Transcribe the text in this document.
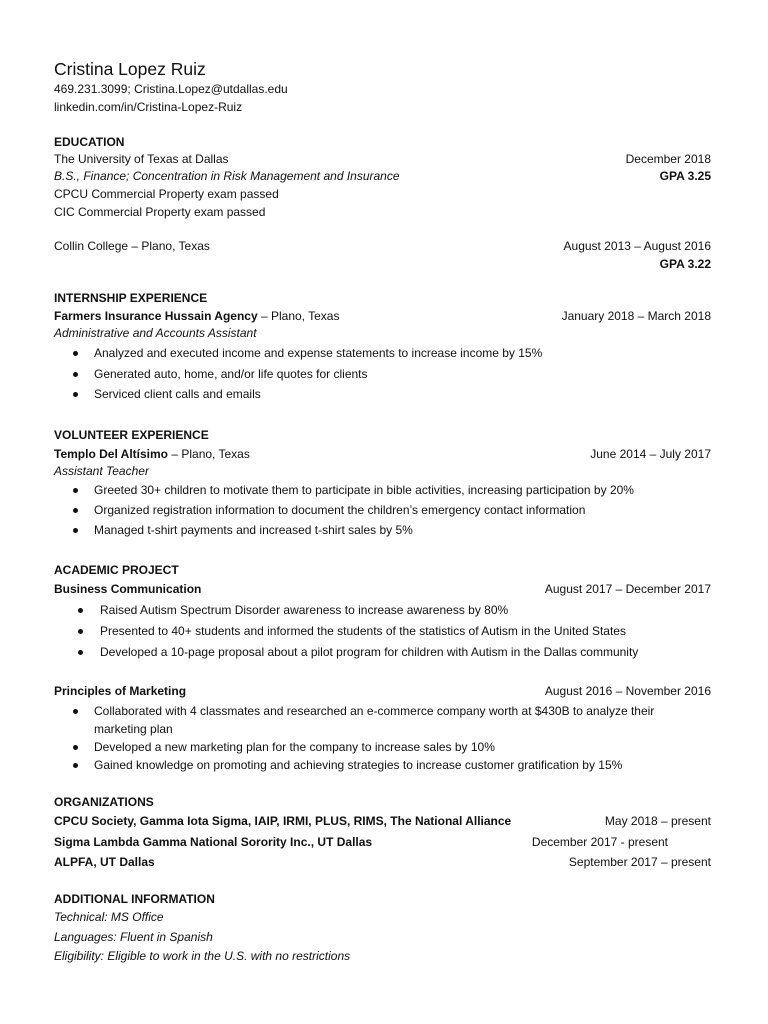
Cristina Lopez Ruiz
469.231.3099; Cristina.Lopez@utdallas.edu
linkedin.com/in/Cristina-Lopez-Ruiz
EDUCATION
The University of Texas at Dallas	December 2018
B.S., Finance; Concentration in Risk Management and Insurance	GPA 3.25
CPCU Commercial Property exam passed
CIC Commercial Property exam passed
Collin College – Plano, Texas	August 2013 – August 2016
GPA 3.22
INTERNSHIP EXPERIENCE
Farmers Insurance Hussain Agency – Plano, Texas	January 2018 – March 2018
Administrative and Accounts Assistant
Analyzed and executed income and expense statements to increase income by 15%
Generated auto, home, and/or life quotes for clients
Serviced client calls and emails
VOLUNTEER EXPERIENCE
Templo Del Altísimo – Plano, Texas	June 2014 – July 2017
Assistant Teacher
Greeted 30+ children to motivate them to participate in bible activities, increasing participation by 20%
Organized registration information to document the children’s emergency contact information
Managed t-shirt payments and increased t-shirt sales by 5%
ACADEMIC PROJECT
Business Communication	August 2017 – December 2017
Raised Autism Spectrum Disorder awareness to increase awareness by 80%
Presented to 40+ students and informed the students of the statistics of Autism in the United States
Developed a 10-page proposal about a pilot program for children with Autism in the Dallas community
Principles of Marketing	August 2016 – November 2016
Collaborated with 4 classmates and researched an e-commerce company worth at $430B to analyze their
marketing plan
Developed a new marketing plan for the company to increase sales by 10%
Gained knowledge on promoting and achieving strategies to increase customer gratification by 15%
ORGANIZATIONS
CPCU Society, Gamma Iota Sigma, IAIP, IRMI, PLUS, RIMS, The National Alliance	May 2018 – present
Sigma Lambda Gamma National Sorority Inc., UT Dallas	December 2017 - present
ALPFA, UT Dallas	September 2017 – present
ADDITIONAL INFORMATION
Technical: MS Office
Languages: Fluent in Spanish
Eligibility: Eligible to work in the U.S. with no restrictions
